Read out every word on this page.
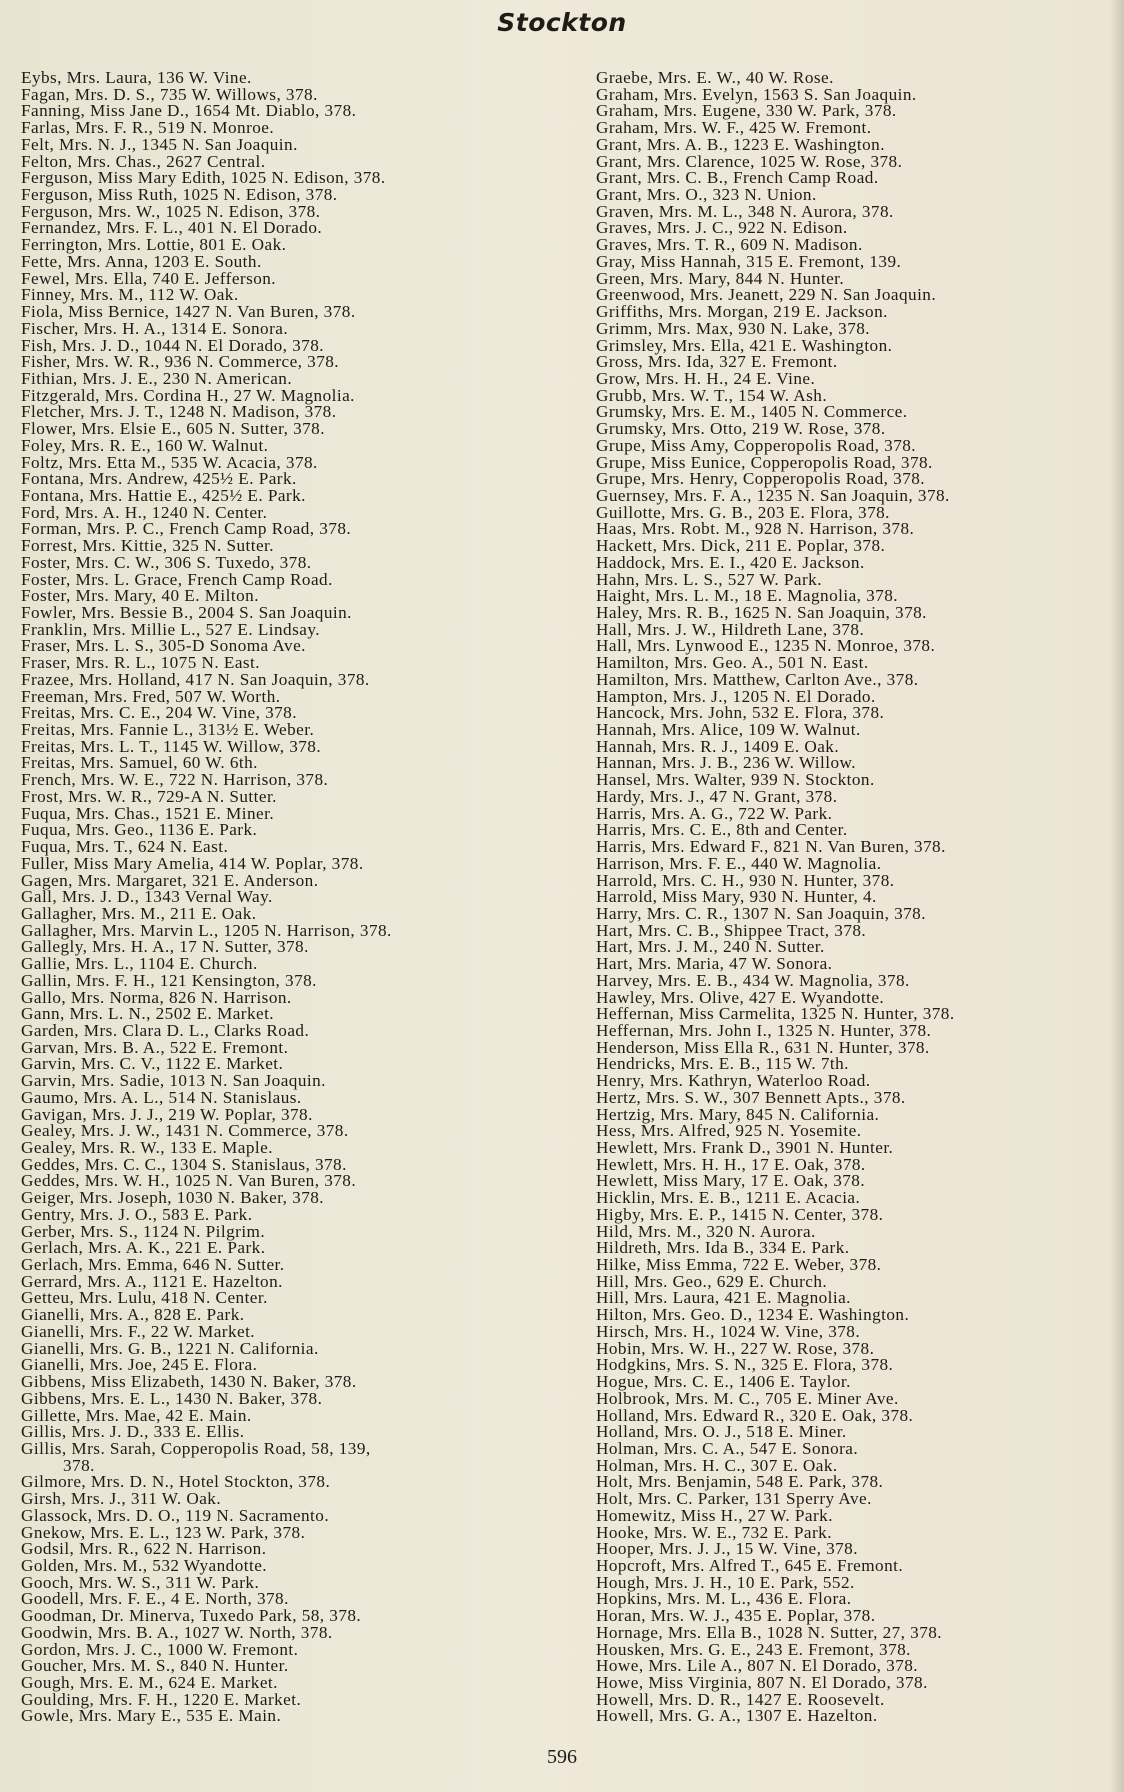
Stockton
Eybs, Mrs. Laura, 136 W. Vine.
Fagan, Mrs. D. S., 735 W. Willows, 378.
Fanning, Miss Jane D., 1654 Mt. Diablo, 378.
Farlas, Mrs. F. R., 519 N. Monroe.
Felt, Mrs. N. J., 1345 N. San Joaquin.
Felton, Mrs. Chas., 2627 Central.
Ferguson, Miss Mary Edith, 1025 N. Edison, 378.
Ferguson, Miss Ruth, 1025 N. Edison, 378.
Ferguson, Mrs. W., 1025 N. Edison, 378.
Fernandez, Mrs. F. L., 401 N. El Dorado.
Ferrington, Mrs. Lottie, 801 E. Oak.
Fette, Mrs. Anna, 1203 E. South.
Fewel, Mrs. Ella, 740 E. Jefferson.
Finney, Mrs. M., 112 W. Oak.
Fiola, Miss Bernice, 1427 N. Van Buren, 378.
Fischer, Mrs. H. A., 1314 E. Sonora.
Fish, Mrs. J. D., 1044 N. El Dorado, 378.
Fisher, Mrs. W. R., 936 N. Commerce, 378.
Fithian, Mrs. J. E., 230 N. American.
Fitzgerald, Mrs. Cordina H., 27 W. Magnolia.
Fletcher, Mrs. J. T., 1248 N. Madison, 378.
Flower, Mrs. Elsie E., 605 N. Sutter, 378.
Foley, Mrs. R. E., 160 W. Walnut.
Foltz, Mrs. Etta M., 535 W. Acacia, 378.
Fontana, Mrs. Andrew, 425½ E. Park.
Fontana, Mrs. Hattie E., 425½ E. Park.
Ford, Mrs. A. H., 1240 N. Center.
Forman, Mrs. P. C., French Camp Road, 378.
Forrest, Mrs. Kittie, 325 N. Sutter.
Foster, Mrs. C. W., 306 S. Tuxedo, 378.
Foster, Mrs. L. Grace, French Camp Road.
Foster, Mrs. Mary, 40 E. Milton.
Fowler, Mrs. Bessie B., 2004 S. San Joaquin.
Franklin, Mrs. Millie L., 527 E. Lindsay.
Fraser, Mrs. L. S., 305-D Sonoma Ave.
Fraser, Mrs. R. L., 1075 N. East.
Frazee, Mrs. Holland, 417 N. San Joaquin, 378.
Freeman, Mrs. Fred, 507 W. Worth.
Freitas, Mrs. C. E., 204 W. Vine, 378.
Freitas, Mrs. Fannie L., 313½ E. Weber.
Freitas, Mrs. L. T., 1145 W. Willow, 378.
Freitas, Mrs. Samuel, 60 W. 6th.
French, Mrs. W. E., 722 N. Harrison, 378.
Frost, Mrs. W. R., 729-A N. Sutter.
Fuqua, Mrs. Chas., 1521 E. Miner.
Fuqua, Mrs. Geo., 1136 E. Park.
Fuqua, Mrs. T., 624 N. East.
Fuller, Miss Mary Amelia, 414 W. Poplar, 378.
Gagen, Mrs. Margaret, 321 E. Anderson.
Gall, Mrs. J. D., 1343 Vernal Way.
Gallagher, Mrs. M., 211 E. Oak.
Gallagher, Mrs. Marvin L., 1205 N. Harrison, 378.
Gallegly, Mrs. H. A., 17 N. Sutter, 378.
Gallie, Mrs. L., 1104 E. Church.
Gallin, Mrs. F. H., 121 Kensington, 378.
Gallo, Mrs. Norma, 826 N. Harrison.
Gann, Mrs. L. N., 2502 E. Market.
Garden, Mrs. Clara D. L., Clarks Road.
Garvan, Mrs. B. A., 522 E. Fremont.
Garvin, Mrs. C. V., 1122 E. Market.
Garvin, Mrs. Sadie, 1013 N. San Joaquin.
Gaumo, Mrs. A. L., 514 N. Stanislaus.
Gavigan, Mrs. J. J., 219 W. Poplar, 378.
Gealey, Mrs. J. W., 1431 N. Commerce, 378.
Gealey, Mrs. R. W., 133 E. Maple.
Geddes, Mrs. C. C., 1304 S. Stanislaus, 378.
Geddes, Mrs. W. H., 1025 N. Van Buren, 378.
Geiger, Mrs. Joseph, 1030 N. Baker, 378.
Gentry, Mrs. J. O., 583 E. Park.
Gerber, Mrs. S., 1124 N. Pilgrim.
Gerlach, Mrs. A. K., 221 E. Park.
Gerlach, Mrs. Emma, 646 N. Sutter.
Gerrard, Mrs. A., 1121 E. Hazelton.
Getteu, Mrs. Lulu, 418 N. Center.
Gianelli, Mrs. A., 828 E. Park.
Gianelli, Mrs. F., 22 W. Market.
Gianelli, Mrs. G. B., 1221 N. California.
Gianelli, Mrs. Joe, 245 E. Flora.
Gibbens, Miss Elizabeth, 1430 N. Baker, 378.
Gibbens, Mrs. E. L., 1430 N. Baker, 378.
Gillette, Mrs. Mae, 42 E. Main.
Gillis, Mrs. J. D., 333 E. Ellis.
Gillis, Mrs. Sarah, Copperopolis Road, 58, 139,
378.
Gilmore, Mrs. D. N., Hotel Stockton, 378.
Girsh, Mrs. J., 311 W. Oak.
Glassock, Mrs. D. O., 119 N. Sacramento.
Gnekow, Mrs. E. L., 123 W. Park, 378.
Godsil, Mrs. R., 622 N. Harrison.
Golden, Mrs. M., 532 Wyandotte.
Gooch, Mrs. W. S., 311 W. Park.
Goodell, Mrs. F. E., 4 E. North, 378.
Goodman, Dr. Minerva, Tuxedo Park, 58, 378.
Goodwin, Mrs. B. A., 1027 W. North, 378.
Gordon, Mrs. J. C., 1000 W. Fremont.
Goucher, Mrs. M. S., 840 N. Hunter.
Gough, Mrs. E. M., 624 E. Market.
Goulding, Mrs. F. H., 1220 E. Market.
Gowle, Mrs. Mary E., 535 E. Main.
Graebe, Mrs. E. W., 40 W. Rose.
Graham, Mrs. Evelyn, 1563 S. San Joaquin.
Graham, Mrs. Eugene, 330 W. Park, 378.
Graham, Mrs. W. F., 425 W. Fremont.
Grant, Mrs. A. B., 1223 E. Washington.
Grant, Mrs. Clarence, 1025 W. Rose, 378.
Grant, Mrs. C. B., French Camp Road.
Grant, Mrs. O., 323 N. Union.
Graven, Mrs. M. L., 348 N. Aurora, 378.
Graves, Mrs. J. C., 922 N. Edison.
Graves, Mrs. T. R., 609 N. Madison.
Gray, Miss Hannah, 315 E. Fremont, 139.
Green, Mrs. Mary, 844 N. Hunter.
Greenwood, Mrs. Jeanett, 229 N. San Joaquin.
Griffiths, Mrs. Morgan, 219 E. Jackson.
Grimm, Mrs. Max, 930 N. Lake, 378.
Grimsley, Mrs. Ella, 421 E. Washington.
Gross, Mrs. Ida, 327 E. Fremont.
Grow, Mrs. H. H., 24 E. Vine.
Grubb, Mrs. W. T., 154 W. Ash.
Grumsky, Mrs. E. M., 1405 N. Commerce.
Grumsky, Mrs. Otto, 219 W. Rose, 378.
Grupe, Miss Amy, Copperopolis Road, 378.
Grupe, Miss Eunice, Copperopolis Road, 378.
Grupe, Mrs. Henry, Copperopolis Road, 378.
Guernsey, Mrs. F. A., 1235 N. San Joaquin, 378.
Guillotte, Mrs. G. B., 203 E. Flora, 378.
Haas, Mrs. Robt. M., 928 N. Harrison, 378.
Hackett, Mrs. Dick, 211 E. Poplar, 378.
Haddock, Mrs. E. I., 420 E. Jackson.
Hahn, Mrs. L. S., 527 W. Park.
Haight, Mrs. L. M., 18 E. Magnolia, 378.
Haley, Mrs. R. B., 1625 N. San Joaquin, 378.
Hall, Mrs. J. W., Hildreth Lane, 378.
Hall, Mrs. Lynwood E., 1235 N. Monroe, 378.
Hamilton, Mrs. Geo. A., 501 N. East.
Hamilton, Mrs. Matthew, Carlton Ave., 378.
Hampton, Mrs. J., 1205 N. El Dorado.
Hancock, Mrs. John, 532 E. Flora, 378.
Hannah, Mrs. Alice, 109 W. Walnut.
Hannah, Mrs. R. J., 1409 E. Oak.
Hannan, Mrs. J. B., 236 W. Willow.
Hansel, Mrs. Walter, 939 N. Stockton.
Hardy, Mrs. J., 47 N. Grant, 378.
Harris, Mrs. A. G., 722 W. Park.
Harris, Mrs. C. E., 8th and Center.
Harris, Mrs. Edward F., 821 N. Van Buren, 378.
Harrison, Mrs. F. E., 440 W. Magnolia.
Harrold, Mrs. C. H., 930 N. Hunter, 378.
Harrold, Miss Mary, 930 N. Hunter, 4.
Harry, Mrs. C. R., 1307 N. San Joaquin, 378.
Hart, Mrs. C. B., Shippee Tract, 378.
Hart, Mrs. J. M., 240 N. Sutter.
Hart, Mrs. Maria, 47 W. Sonora.
Harvey, Mrs. E. B., 434 W. Magnolia, 378.
Hawley, Mrs. Olive, 427 E. Wyandotte.
Heffernan, Miss Carmelita, 1325 N. Hunter, 378.
Heffernan, Mrs. John I., 1325 N. Hunter, 378.
Henderson, Miss Ella R., 631 N. Hunter, 378.
Hendricks, Mrs. E. B., 115 W. 7th.
Henry, Mrs. Kathryn, Waterloo Road.
Hertz, Mrs. S. W., 307 Bennett Apts., 378.
Hertzig, Mrs. Mary, 845 N. California.
Hess, Mrs. Alfred, 925 N. Yosemite.
Hewlett, Mrs. Frank D., 3901 N. Hunter.
Hewlett, Mrs. H. H., 17 E. Oak, 378.
Hewlett, Miss Mary, 17 E. Oak, 378.
Hicklin, Mrs. E. B., 1211 E. Acacia.
Higby, Mrs. E. P., 1415 N. Center, 378.
Hild, Mrs. M., 320 N. Aurora.
Hildreth, Mrs. Ida B., 334 E. Park.
Hilke, Miss Emma, 722 E. Weber, 378.
Hill, Mrs. Geo., 629 E. Church.
Hill, Mrs. Laura, 421 E. Magnolia.
Hilton, Mrs. Geo. D., 1234 E. Washington.
Hirsch, Mrs. H., 1024 W. Vine, 378.
Hobin, Mrs. W. H., 227 W. Rose, 378.
Hodgkins, Mrs. S. N., 325 E. Flora, 378.
Hogue, Mrs. C. E., 1406 E. Taylor.
Holbrook, Mrs. M. C., 705 E. Miner Ave.
Holland, Mrs. Edward R., 320 E. Oak, 378.
Holland, Mrs. O. J., 518 E. Miner.
Holman, Mrs. C. A., 547 E. Sonora.
Holman, Mrs. H. C., 307 E. Oak.
Holt, Mrs. Benjamin, 548 E. Park, 378.
Holt, Mrs. C. Parker, 131 Sperry Ave.
Homewitz, Miss H., 27 W. Park.
Hooke, Mrs. W. E., 732 E. Park.
Hooper, Mrs. J. J., 15 W. Vine, 378.
Hopcroft, Mrs. Alfred T., 645 E. Fremont.
Hough, Mrs. J. H., 10 E. Park, 552.
Hopkins, Mrs. M. L., 436 E. Flora.
Horan, Mrs. W. J., 435 E. Poplar, 378.
Hornage, Mrs. Ella B., 1028 N. Sutter, 27, 378.
Housken, Mrs. G. E., 243 E. Fremont, 378.
Howe, Mrs. Lile A., 807 N. El Dorado, 378.
Howe, Miss Virginia, 807 N. El Dorado, 378.
Howell, Mrs. D. R., 1427 E. Roosevelt.
Howell, Mrs. G. A., 1307 E. Hazelton.
596
